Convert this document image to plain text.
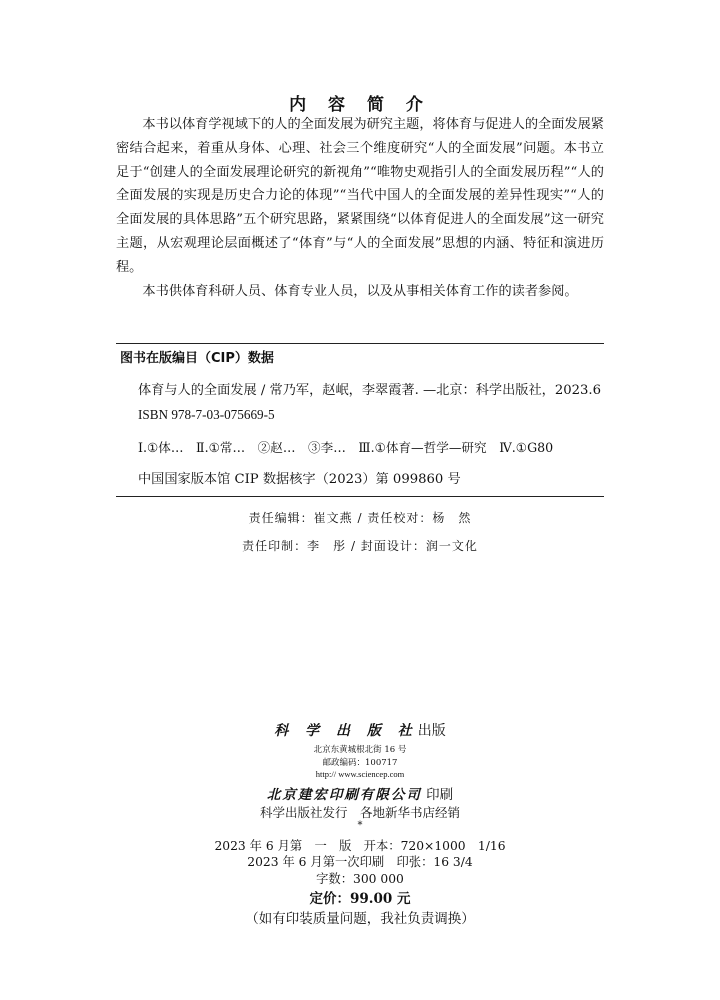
内 容 简 介

本书以体育学视域下的人的全面发展为研究主题，将体育与促进人的全面发展紧密结合起来，着重从身体、心理、社会三个维度研究“人的全面发展”问题。本书立足于“创建人的全面发展理论研究的新视角”“唯物史观指引人的全面发展历程”“人的全面发展的实现是历史合力论的体现”“当代中国人的全面发展的差异性现实”“人的全面发展的具体思路”五个研究思路，紧紧围绕“以体育促进人的全面发展”这一研究主题，从宏观理论层面概述了“体育”与“人的全面发展”思想的内涵、特征和演进历程。

本书供体育科研人员、体育专业人员，以及从事相关体育工作的读者参阅。

图书在版编目（CIP）数据
体育与人的全面发展 / 常乃军，赵岷，李翠霞著. —北京：科学出版社，2023.6
ISBN 978-7-03-075669-5
Ⅰ.①体…　Ⅱ.①常…　②赵…　③李…　Ⅲ.①体育—哲学—研究　Ⅳ.①G80
中国国家版本馆 CIP 数据核字（2023）第 099860 号
责任编辑：崔文燕 / 责任校对：杨　然
责任印制：李　彤 / 封面设计：润一文化
科 学 出 版 社出版
北京东黄城根北街 16 号
邮政编码：100717
http:// www.sciencep.com
北京建宏印刷有限公司 印刷
科学出版社发行　各地新华书店经销
*
2023 年 6 月第　一　版　开本：720×1000　1/16
2023 年 6 月第一次印刷　印张：16 3/4
字数：300 000
定价：99.00 元
（如有印装质量问题，我社负责调换）
